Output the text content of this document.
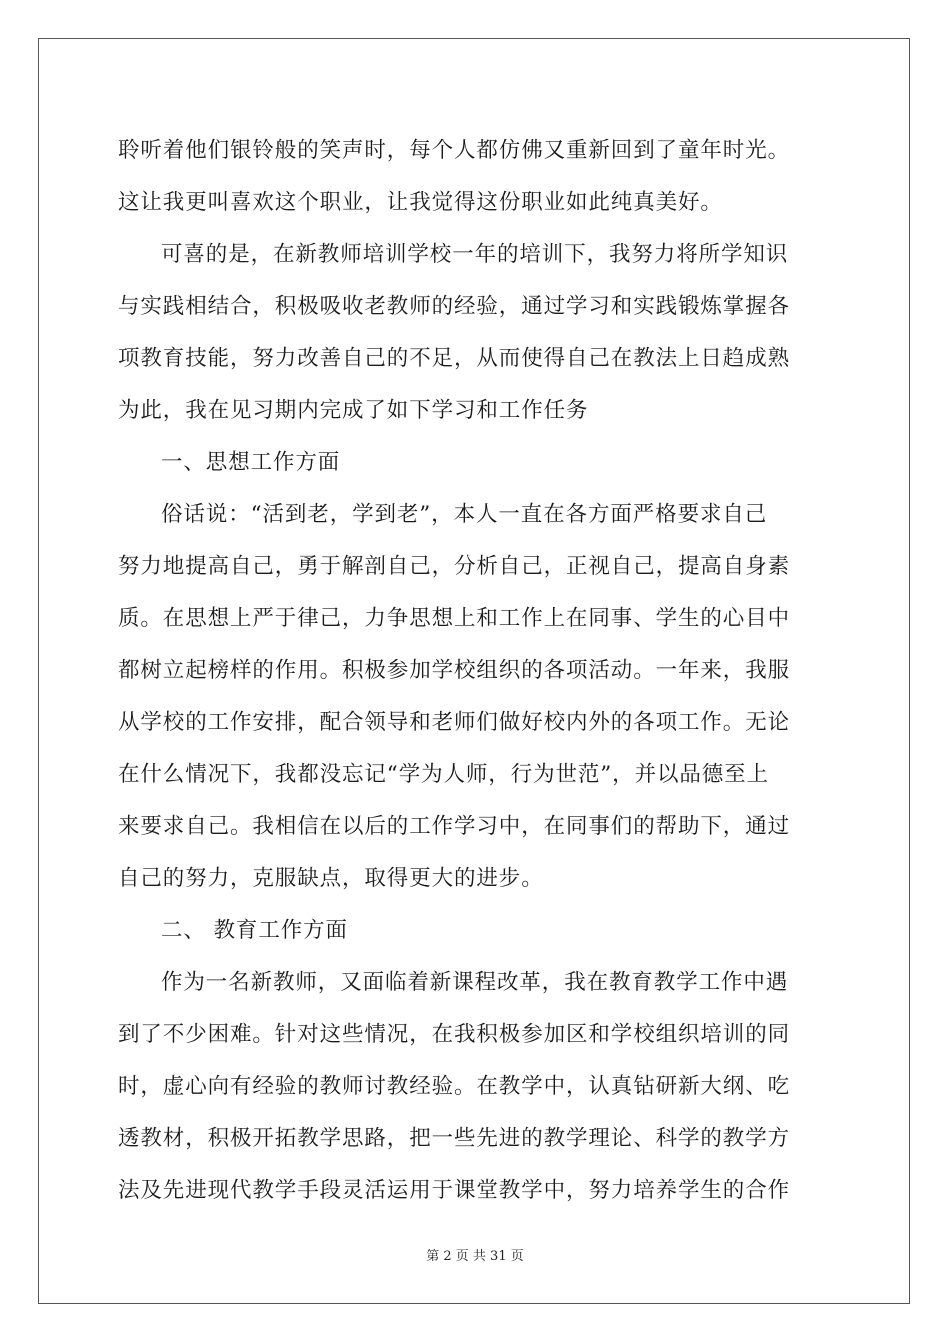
聆听着他们银铃般的笑声时，每个人都仿佛又重新回到了童年时光。
这让我更叫喜欢这个职业，让我觉得这份职业如此纯真美好。
可喜的是，在新教师培训学校一年的培训下，我努力将所学知识
与实践相结合，积极吸收老教师的经验，通过学习和实践锻炼掌握各
项教育技能，努力改善自己的不足，从而使得自己在教法上日趋成熟
为此，我在见习期内完成了如下学习和工作任务
一、思想工作方面
俗话说：“活到老，学到老”，本人一直在各方面严格要求自己
努力地提高自己，勇于解剖自己，分析自己，正视自己，提高自身素
质。在思想上严于律己，力争思想上和工作上在同事、学生的心目中
都树立起榜样的作用。积极参加学校组织的各项活动。一年来，我服
从学校的工作安排，配合领导和老师们做好校内外的各项工作。无论
在什么情况下，我都没忘记“学为人师，行为世范”，并以品德至上
来要求自己。我相信在以后的工作学习中，在同事们的帮助下，通过
自己的努力，克服缺点，取得更大的进步。
二、 教育工作方面
作为一名新教师，又面临着新课程改革，我在教育教学工作中遇
到了不少困难。针对这些情况，在我积极参加区和学校组织培训的同
时，虚心向有经验的教师讨教经验。在教学中，认真钻研新大纲、吃
透教材，积极开拓教学思路，把一些先进的教学理论、科学的教学方
法及先进现代教学手段灵活运用于课堂教学中，努力培养学生的合作
第 2 页 共 31 页
